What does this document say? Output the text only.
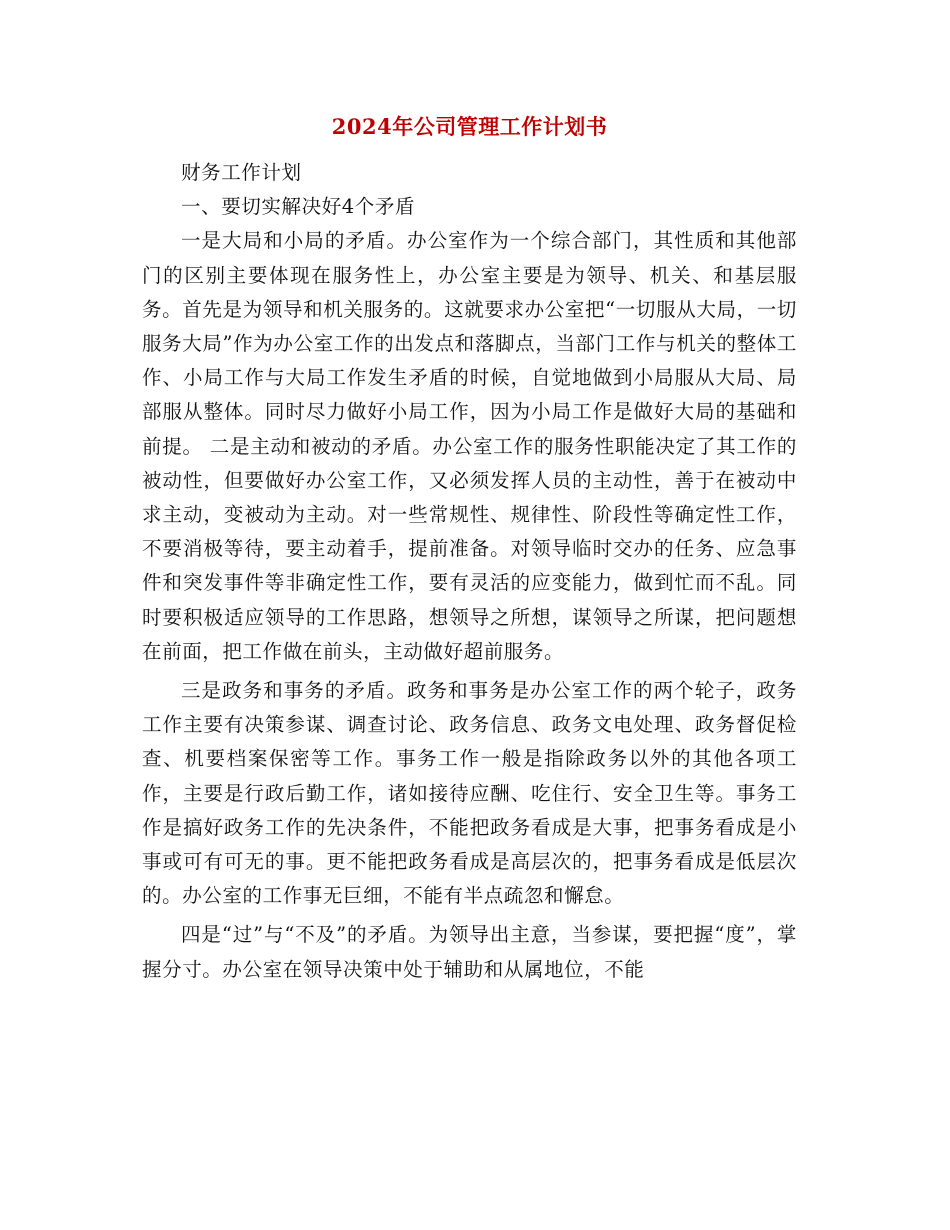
2024年公司管理工作计划书

财务工作计划

一、要切实解决好4个矛盾

一是大局和小局的矛盾。办公室作为一个综合部门，其性质和其他部门的区别主要体现在服务性上，办公室主要是为领导、机关、和基层服务。首先是为领导和机关服务的。这就要求办公室把“一切服从大局，一切服务大局”作为办公室工作的出发点和落脚点，当部门工作与机关的整体工作、小局工作与大局工作发生矛盾的时候，自觉地做到小局服从大局、局部服从整体。同时尽力做好小局工作，因为小局工作是做好大局的基础和前提。 二是主动和被动的矛盾。办公室工作的服务性职能决定了其工作的被动性，但要做好办公室工作，又必须发挥人员的主动性，善于在被动中求主动，变被动为主动。对一些常规性、规律性、阶段性等确定性工作，不要消极等待，要主动着手，提前准备。对领导临时交办的任务、应急事件和突发事件等非确定性工作，要有灵活的应变能力，做到忙而不乱。同时要积极适应领导的工作思路，想领导之所想，谋领导之所谋，把问题想在前面，把工作做在前头，主动做好超前服务。

三是政务和事务的矛盾。政务和事务是办公室工作的两个轮子，政务工作主要有决策参谋、调查讨论、政务信息、政务文电处理、政务督促检查、机要档案保密等工作。事务工作一般是指除政务以外的其他各项工作，主要是行政后勤工作，诸如接待应酬、吃住行、安全卫生等。事务工作是搞好政务工作的先决条件，不能把政务看成是大事，把事务看成是小事或可有可无的事。更不能把政务看成是高层次的，把事务看成是低层次的。办公室的工作事无巨细，不能有半点疏忽和懈怠。

四是“过”与“不及”的矛盾。为领导出主意，当参谋，要把握“度”，掌握分寸。办公室在领导决策中处于辅助和从属地位，不能
